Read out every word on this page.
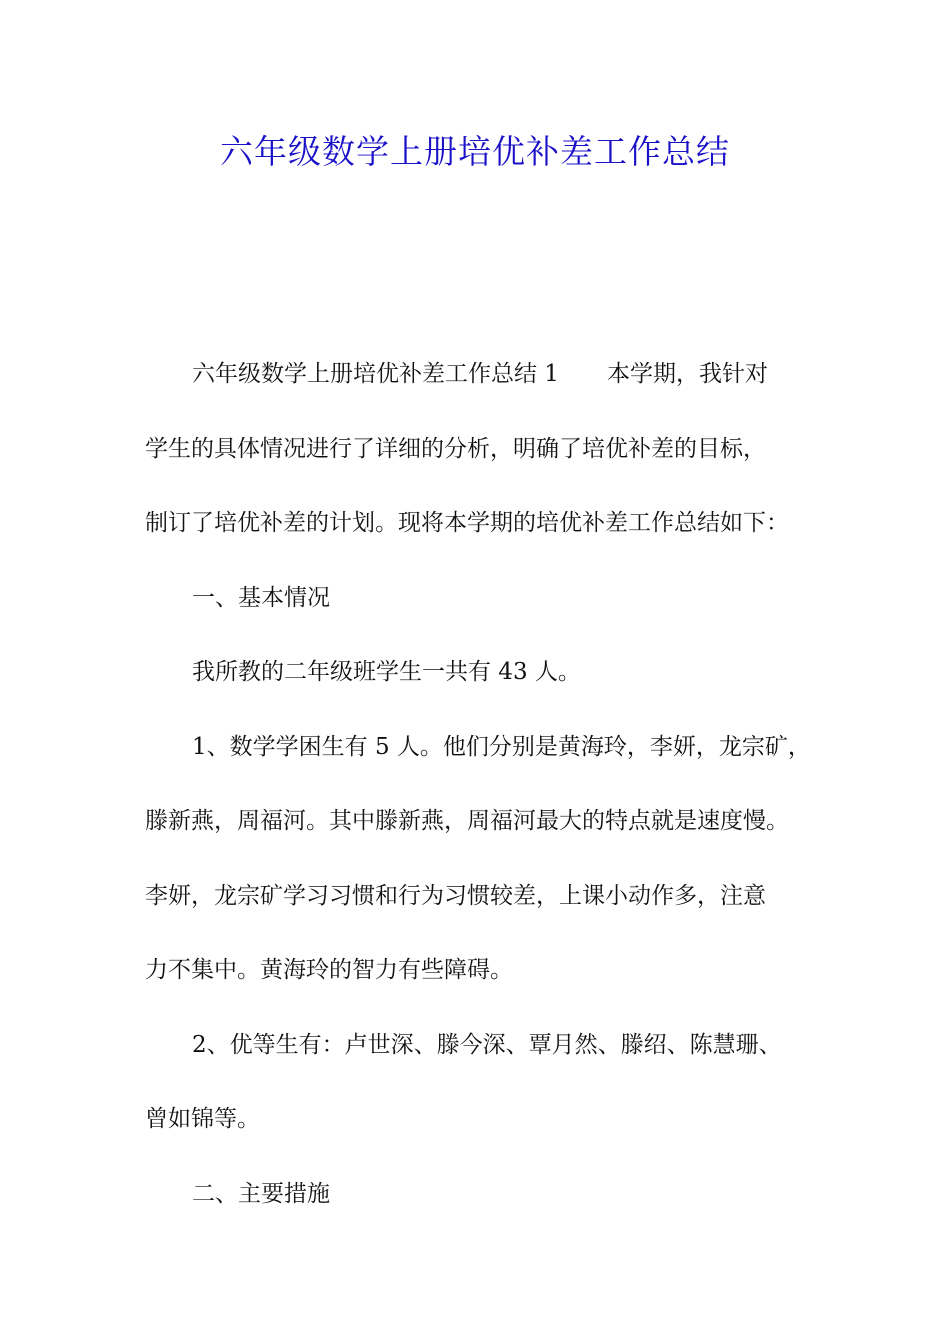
六年级数学上册培优补差工作总结

六年级数学上册培优补差工作总结 1 本学期，我针对

学生的具体情况进行了详细的分析，明确了培优补差的目标，

制订了培优补差的计划。现将本学期的培优补差工作总结如下：

一、基本情况

我所教的二年级班学生一共有 43 人。

1、数学学困生有 5 人。他们分别是黄海玲，李妍，龙宗矿，

滕新燕，周福河。其中滕新燕，周福河最大的特点就是速度慢。

李妍，龙宗矿学习习惯和行为习惯较差，上课小动作多，注意

力不集中。黄海玲的智力有些障碍。

2、优等生有：卢世深、滕今深、覃月然、滕绍、陈慧珊、

曾如锦等。

二、主要措施
